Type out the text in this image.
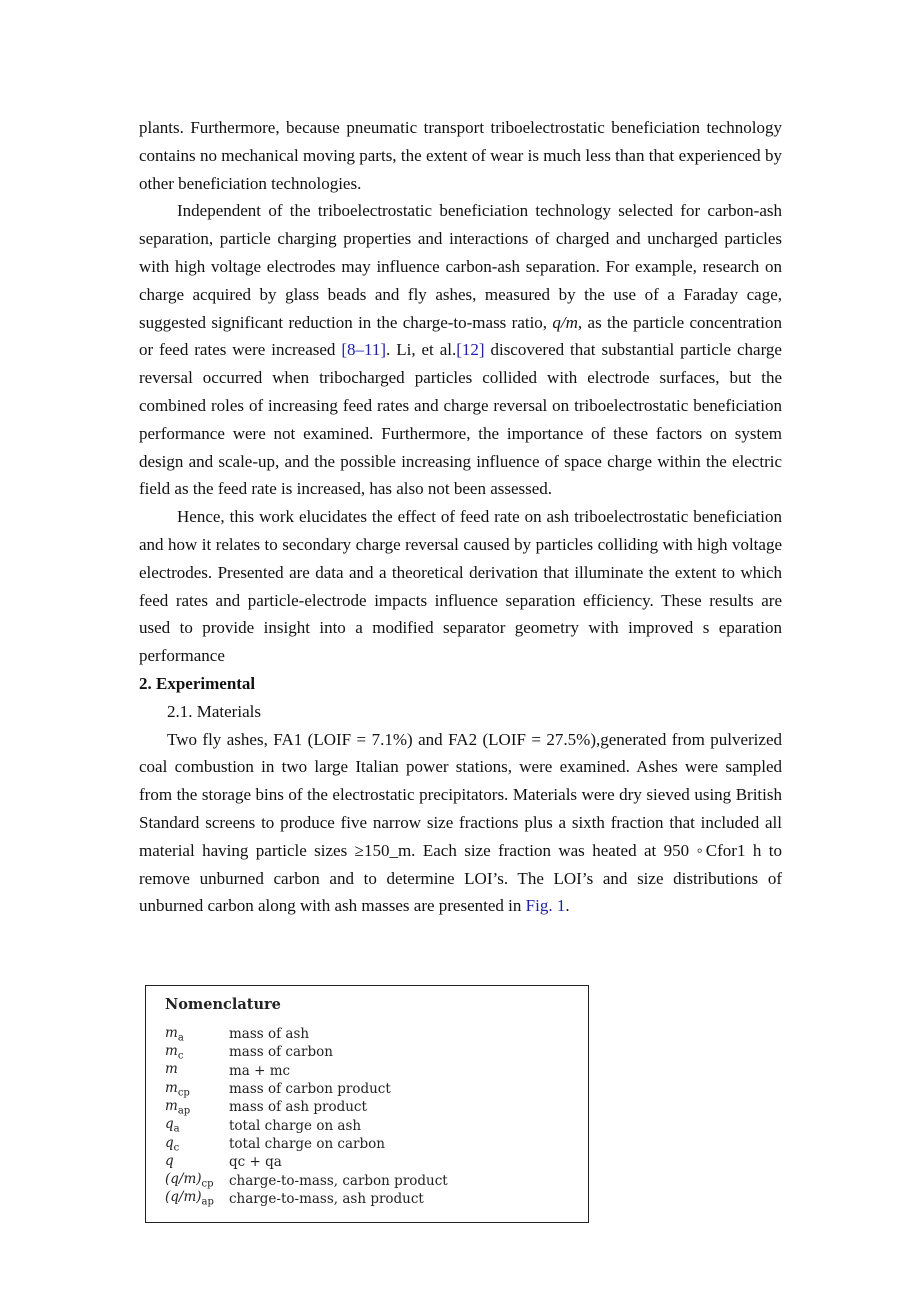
plants. Furthermore, because pneumatic transport triboelectrostatic beneficiation technology contains no mechanical moving parts, the extent of wear is much less than that experienced by other beneficiation technologies.

Independent of the triboelectrostatic beneficiation technology selected for carbon-ash separation, particle charging properties and interactions of charged and uncharged particles with high voltage electrodes may influence carbon-ash separation. For example, research on charge acquired by glass beads and fly ashes, measured by the use of a Faraday cage, suggested significant reduction in the charge-to-mass ratio, q/m, as the particle concentration or feed rates were increased [8–11]. Li, et al.[12] discovered that substantial particle charge reversal occurred when tribocharged particles collided with electrode surfaces, but the combined roles of increasing feed rates and charge reversal on triboelectrostatic beneficiation performance were not examined. Furthermore, the importance of these factors on system design and scale-up, and the possible increasing influence of space charge within the electric field as the feed rate is increased, has also not been assessed.

Hence, this work elucidates the effect of feed rate on ash triboelectrostatic beneficiation and how it relates to secondary charge reversal caused by particles colliding with high voltage electrodes. Presented are data and a theoretical derivation that illuminate the extent to which feed rates and particle-electrode impacts influence separation efficiency. These results are used to provide insight into a modified separator geometry with improved s eparation performance

2. Experimental
2.1. Materials

Two fly ashes, FA1 (LOIF = 7.1%) and FA2 (LOIF = 27.5%),generated from pulverized coal combustion in two large Italian power stations, were examined. Ashes were sampled from the storage bins of the electrostatic precipitators. Materials were dry sieved using British Standard screens to produce five narrow size fractions plus a sixth fraction that included all material having particle sizes ≥150_m. Each size fraction was heated at 950 ◦Cfor1 h to remove unburned carbon and to determine LOI’s. The LOI’s and size distributions of unburned carbon along with ash masses are presented in Fig. 1.

Nomenclature
$m_a$	mass of ash
$m_c$	mass of carbon
m	ma + mc
$m_{cp}$	mass of carbon product
$m_{ap}$	mass of ash product
$q_a$	total charge on ash
$q_c$	total charge on carbon
q	qc + qa
$(q/m)_{cp}$	charge-to-mass, carbon product
$(q/m)_{ap}$	charge-to-mass, ash product
